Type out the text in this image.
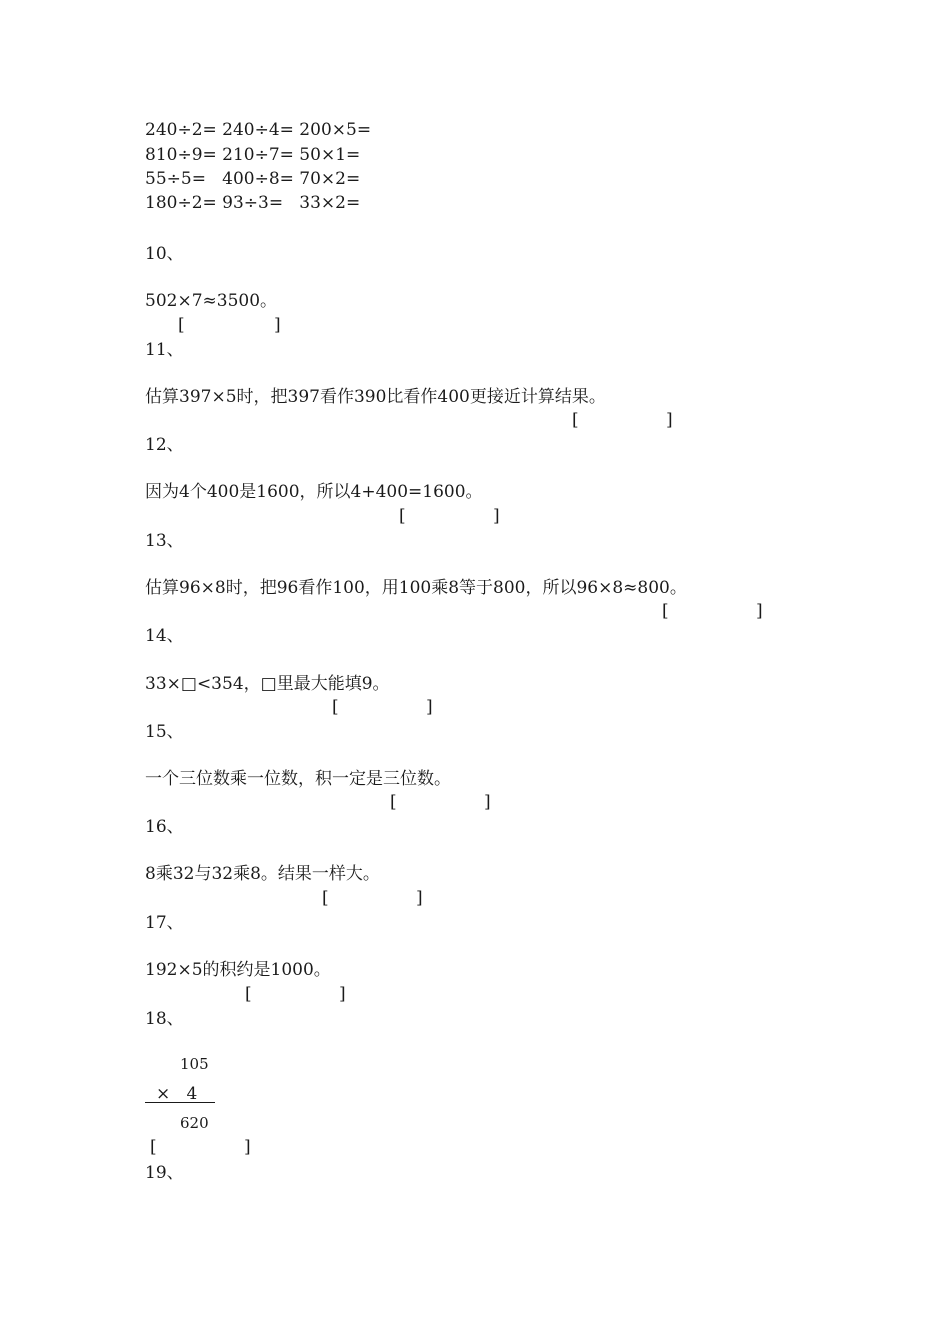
240÷2= 240÷4= 200×5=
810÷9= 210÷7= 50×1=
55÷5=   400÷8= 70×2=
180÷2= 93÷3=   33×2=
10、
502×7≈3500。

[

	]

11、
估算397×5时，把397看作390比看作400更接近计算结果。

[

	]

12、
因为4个400是1600，所以4+400=1600。

[

	]

13、
估算96×8时，把96看作100，用100乘8等于800，所以96×8≈800。

[

	]

14、
33×□<354，□里最大能填9。

[

	]

15、
一个三位数乘一位数，积一定是三位数。

[

	]

16、
8乘32与32乘8。结果一样大。

[

	]

17、
192×5的积约是1000。

[

	]

18、
105
×   4
620

[

	]

19、
